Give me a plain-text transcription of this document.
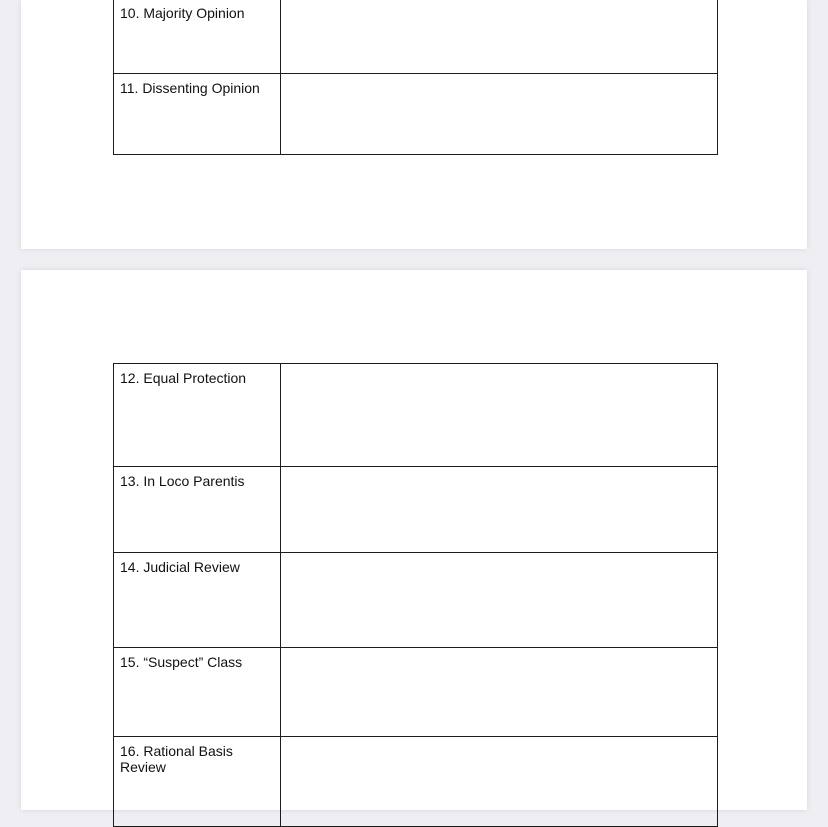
10. Majority Opinion	

11. Dissenting Opinion	

12. Equal Protection	

13. In Loco Parentis	

14. Judicial Review	

15. “Suspect” Class	

16. Rational Basis Review	
